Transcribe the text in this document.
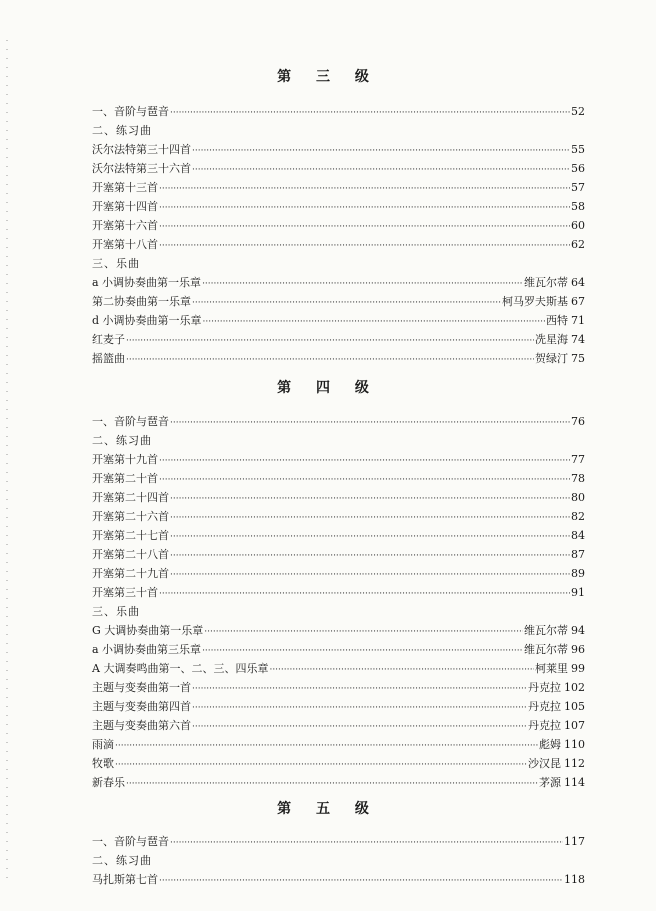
第 三 级
一、音阶与琶音 ·····	52
二、练习曲
沃尔法特第三十四首 ·····	55
沃尔法特第三十六首 ·····	56
开塞第十三首 ·····	57
开塞第十四首 ·····	58
开塞第十六首 ·····	60
开塞第十八首 ·····	62
三、乐曲
a 小调协奏曲第一乐章 ·····	维瓦尔蒂 64
第二协奏曲第一乐章 ·····	柯马罗夫斯基 67
d 小调协奏曲第一乐章 ·····	西特 71
红麦子 ·····	冼星海 74
摇篮曲 ·····	贺绿汀 75
第 四 级
一、音阶与琶音 ·····	76
二、练习曲
开塞第十九首 ·····	77
开塞第二十首 ·····	78
开塞第二十四首 ·····	80
开塞第二十六首 ·····	82
开塞第二十七首 ·····	84
开塞第二十八首 ·····	87
开塞第二十九首 ·····	89
开塞第三十首 ·····	91
三、乐曲
G 大调协奏曲第一乐章 ·····	维瓦尔蒂 94
a 小调协奏曲第三乐章 ·····	维瓦尔蒂 96
A 大调奏鸣曲第一、二、三、四乐章 ·····	柯莱里 99
主题与变奏曲第一首 ·····	丹克拉 102
主题与变奏曲第四首 ·····	丹克拉 105
主题与变奏曲第六首 ·····	丹克拉 107
雨滴 ·····	彪姆 110
牧歌 ·····	沙汉昆 112
新春乐 ·····	茅源 114
第 五 级
一、音阶与琶音 ·····	117
二、练习曲
马扎斯第七首 ·····	118
